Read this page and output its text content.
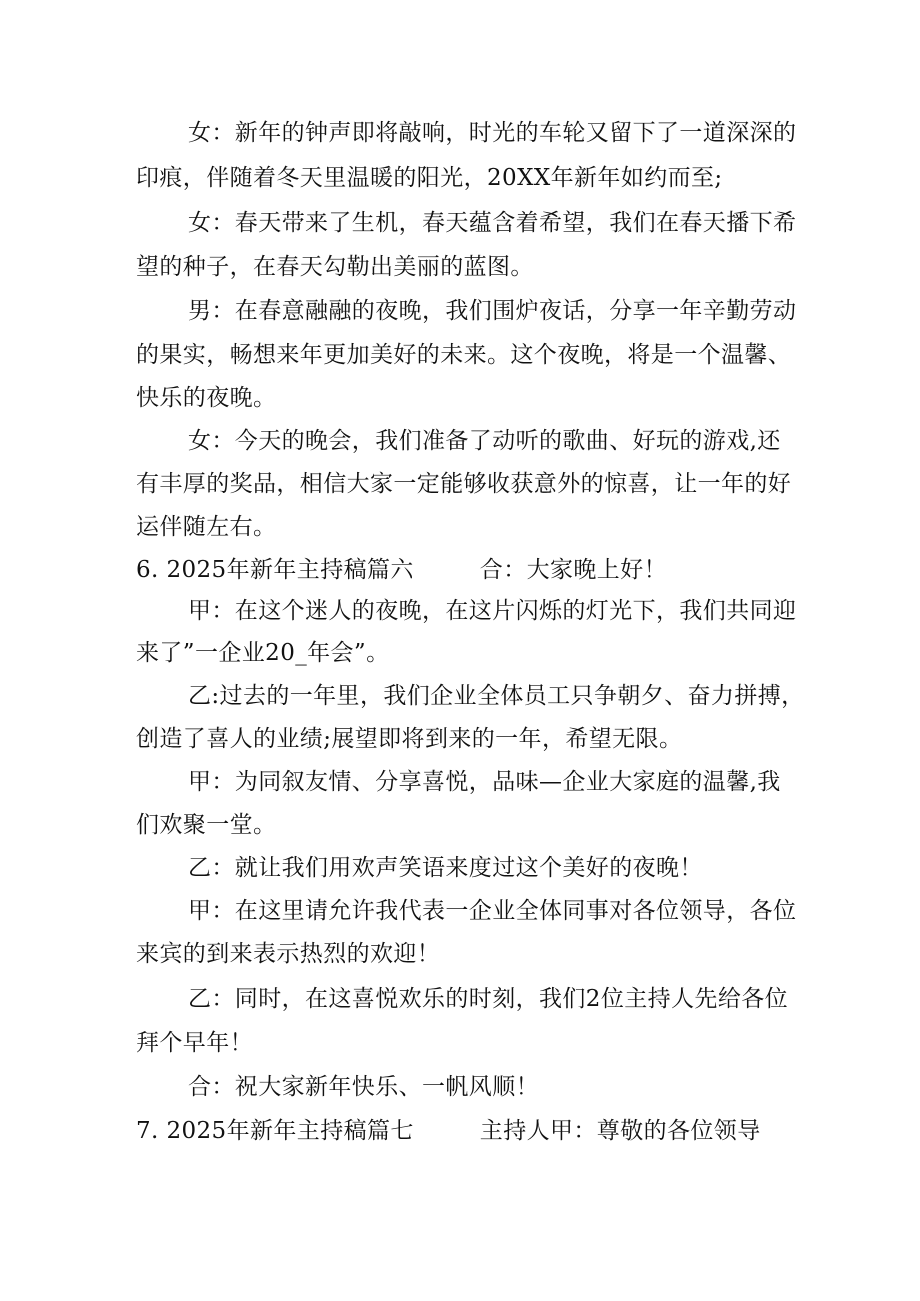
女：新年的钟声即将敲响，时光的车轮又留下了一道深深的
印痕，伴随着冬天里温暖的阳光，20XX年新年如约而至;
女：春天带来了生机，春天蕴含着希望，我们在春天播下希
望的种子，在春天勾勒出美丽的蓝图。
男：在春意融融的夜晚，我们围炉夜话，分享一年辛勤劳动
的果实，畅想来年更加美好的未来。这个夜晚，将是一个温馨、
快乐的夜晚。
女：今天的晚会，我们准备了动听的歌曲、好玩的游戏,还
有丰厚的奖品，相信大家一定能够收获意外的惊喜，让一年的好
运伴随左右。
6. 2025年新年主持稿篇六	合：大家晚上好！
甲：在这个迷人的夜晚，在这片闪烁的灯光下，我们共同迎
来了”一企业20_年会”。
乙:过去的一年里，我们企业全体员工只争朝夕、奋力拼搏，
创造了喜人的业绩;展望即将到来的一年，希望无限。
甲：为同叙友情、分享喜悦，品味—企业大家庭的温馨,我
们欢聚一堂。
乙：就让我们用欢声笑语来度过这个美好的夜晚！
甲：在这里请允许我代表一企业全体同事对各位领导，各位
来宾的到来表示热烈的欢迎！
乙：同时，在这喜悦欢乐的时刻，我们2位主持人先给各位
拜个早年！
合：祝大家新年快乐、一帆风顺！
7. 2025年新年主持稿篇七	主持人甲：尊敬的各位领导
